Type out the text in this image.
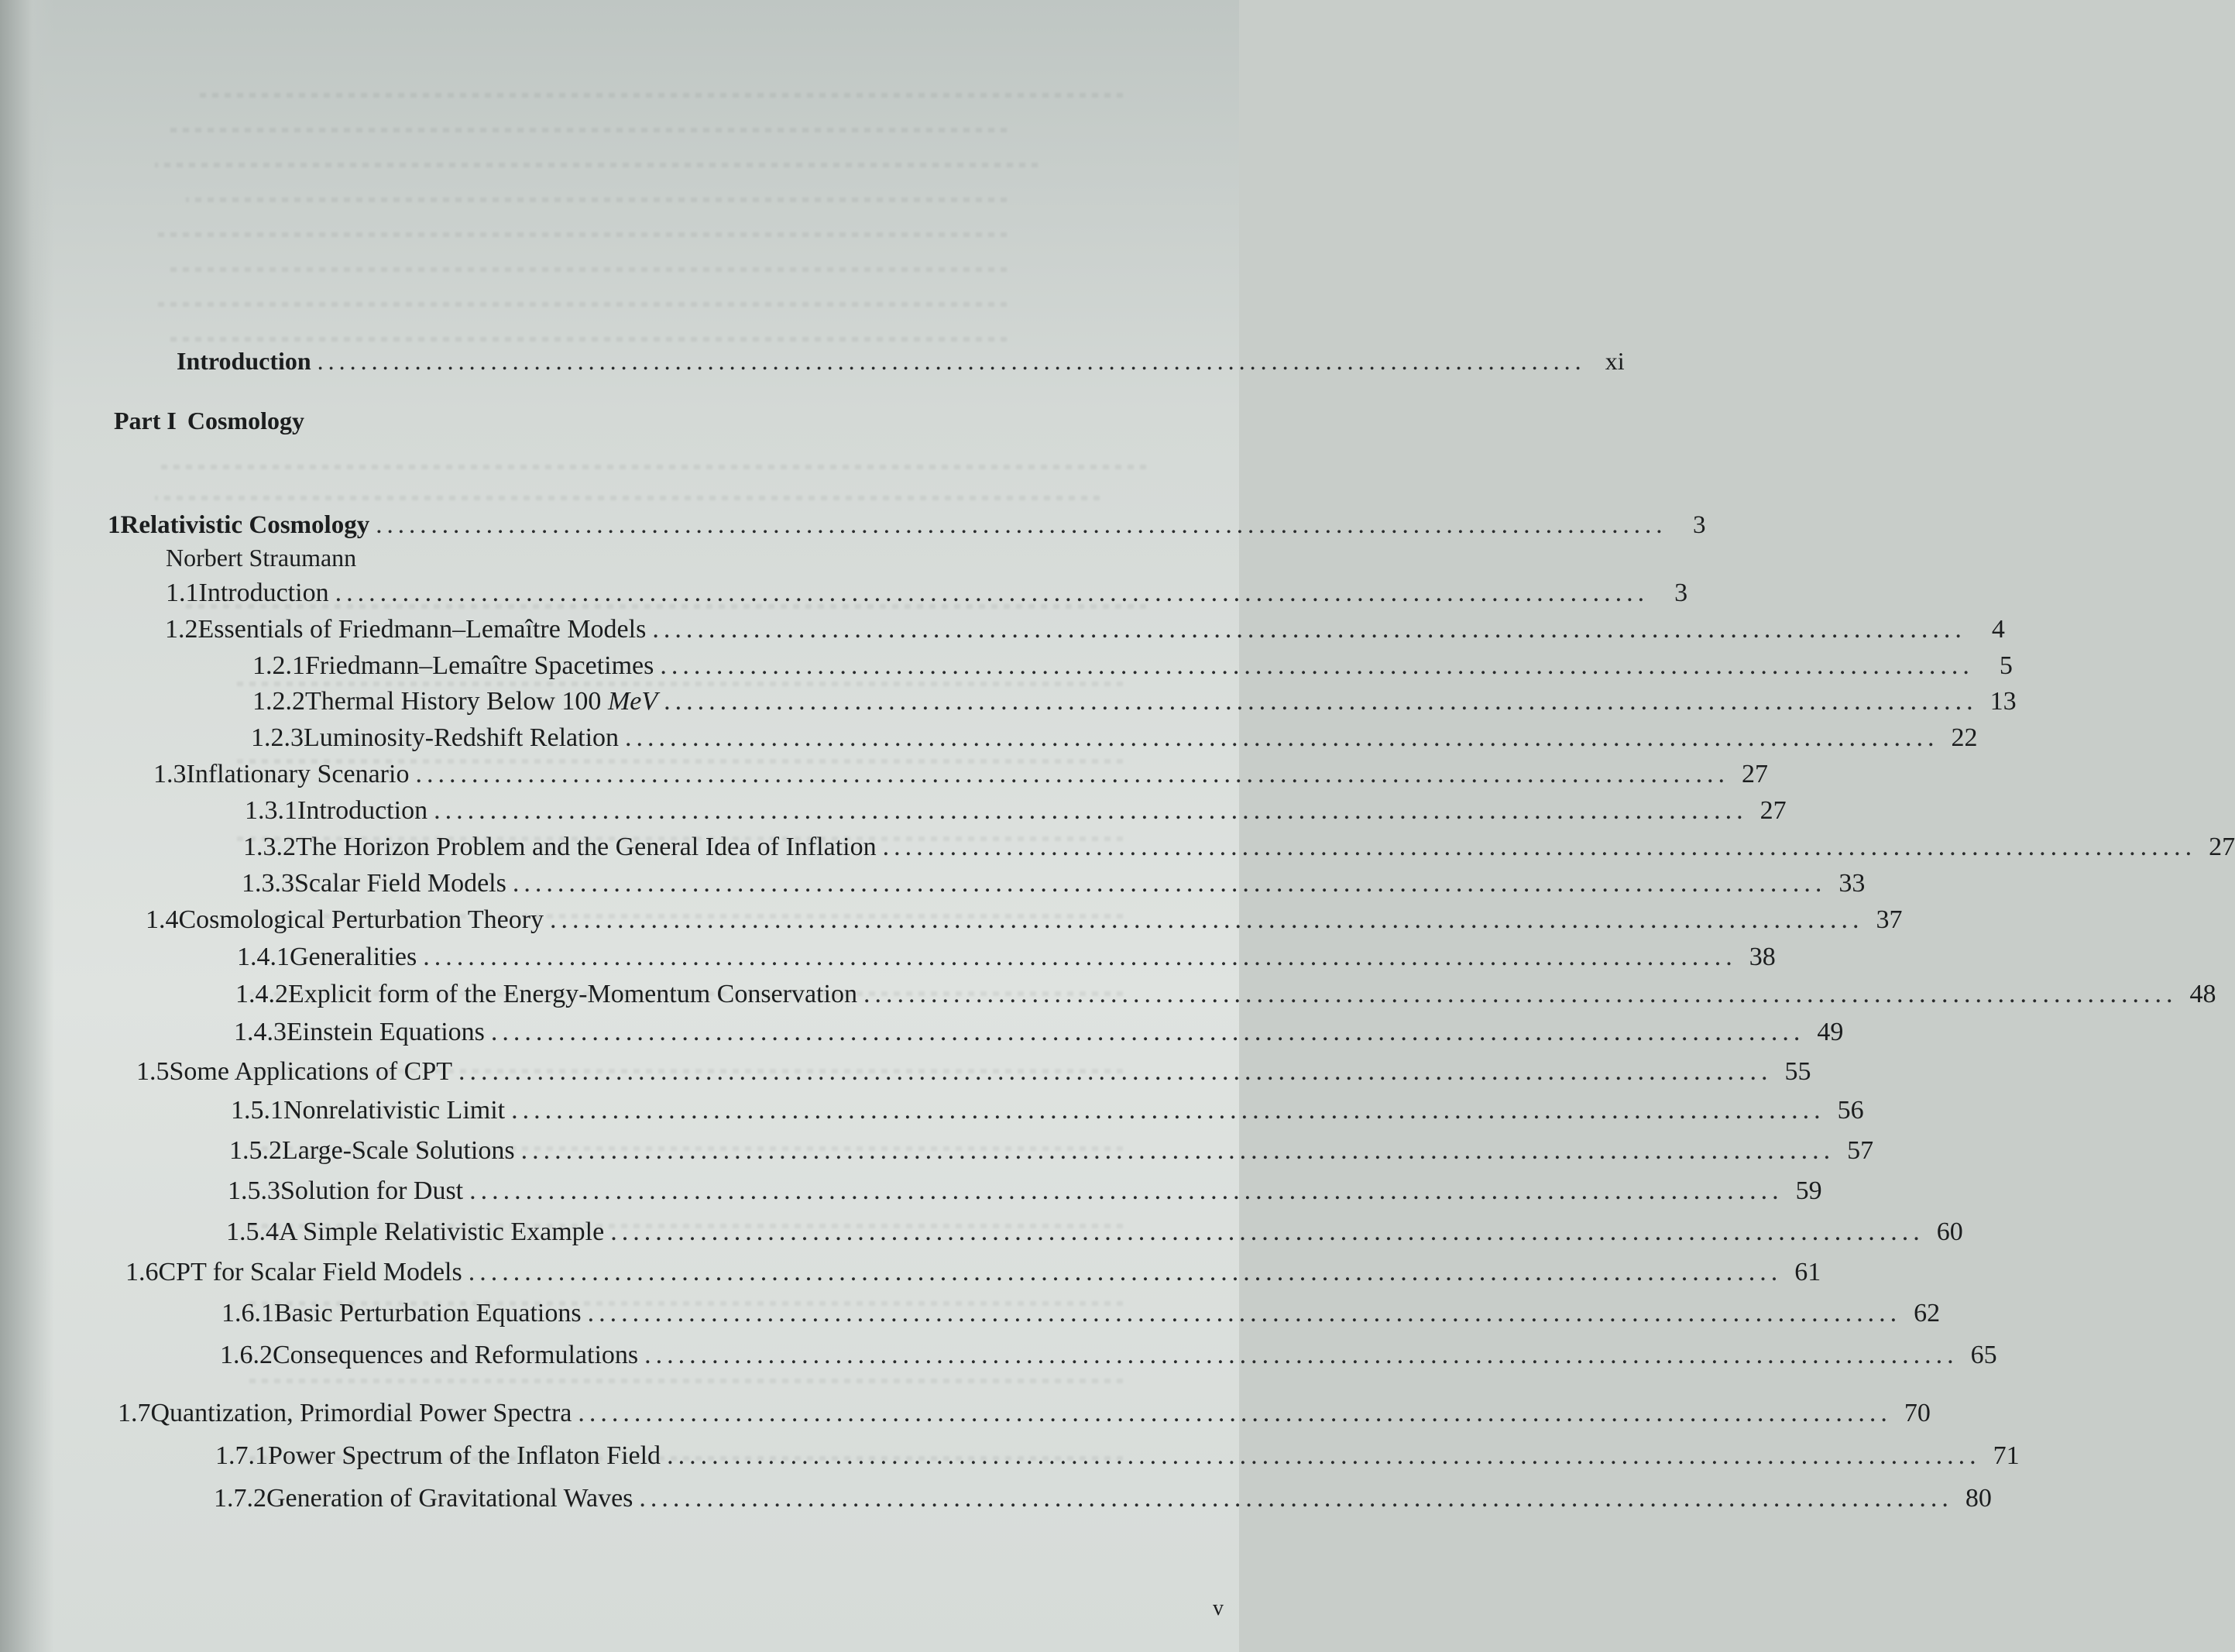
Introduction ..................................................................................................................... xi
Part I Cosmology
1 Relativistic Cosmology .....................................................................................................................	3
Norbert Straumann
1.1 Introduction ..................................................................................................................... 3
1.2 Essentials of Friedmann–Lemaître Models ..................................................................................................................... 4
1.2.1 Friedmann–Lemaître Spacetimes ..................................................................................................................... 5
1.2.2 Thermal History Below 100 MeV ..................................................................................................................... 13
1.2.3 Luminosity-Redshift Relation ..................................................................................................................... 22
1.3 Inflationary Scenario ..................................................................................................................... 27
1.3.1 Introduction ..................................................................................................................... 27
1.3.2 The Horizon Problem and the General Idea of Inflation ..................................................................................................................... 27
1.3.3 Scalar Field Models ..................................................................................................................... 33
1.4 Cosmological Perturbation Theory ..................................................................................................................... 37
1.4.1 Generalities ..................................................................................................................... 38
1.4.2 Explicit form of the Energy-Momentum Conservation ..................................................................................................................... 48
1.4.3 Einstein Equations ..................................................................................................................... 49
1.5 Some Applications of CPT ..................................................................................................................... 55
1.5.1 Nonrelativistic Limit ..................................................................................................................... 56
1.5.2 Large-Scale Solutions ..................................................................................................................... 57
1.5.3 Solution for Dust ..................................................................................................................... 59
1.5.4 A Simple Relativistic Example ..................................................................................................................... 60
1.6 CPT for Scalar Field Models ..................................................................................................................... 61
1.6.1 Basic Perturbation Equations ..................................................................................................................... 62
1.6.2 Consequences and Reformulations ..................................................................................................................... 65
1.7 Quantization, Primordial Power Spectra ..................................................................................................................... 70
1.7.1 Power Spectrum of the Inflaton Field ..................................................................................................................... 71
1.7.2 Generation of Gravitational Waves ..................................................................................................................... 80
v
